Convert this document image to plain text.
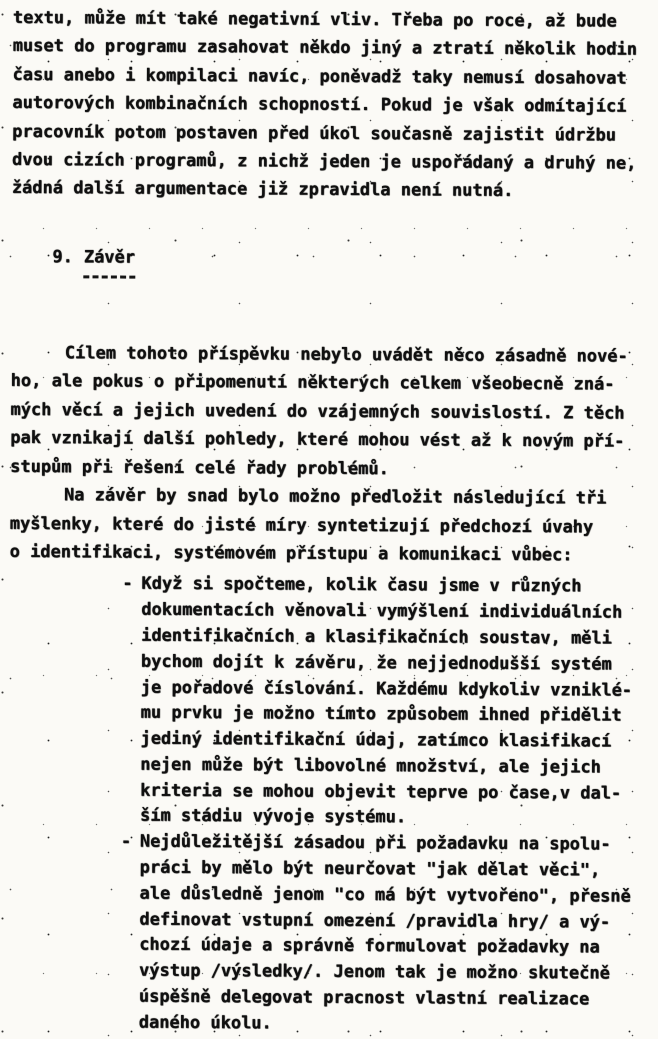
textu, může mít také negativní vliv. Třeba po roce, až bude
muset do programu zasahovat někdo jiný a ztratí několik hodin
času anebo i kompilaci navíc, poněvadž taky nemusí dosahovat
autorových kombinačních schopností. Pokud je však odmítající
pracovník potom postaven před úkol současně zajistit údržbu
dvou cizích programů, z nichž jeden je uspořádaný a druhý ne,
žádná další argumentace již zpravidla není nutná.

9. Závěr

Cílem tohoto příspěvku nebylo uvádět něco zásadně nové-
ho, ale pokus o připomenutí některých celkem všeobecně zná-
mých věcí a jejich uvedení do vzájemných souvislostí. Z těch
pak vznikají další pohledy, které mohou vést až k novým pří-
stupům při řešení celé řady problémů.
Na závěr by snad bylo možno předložit následující tři
myšlenky, které do jisté míry syntetizují předchozí úvahy
o identifikaci, systémovém přístupu a komunikaci vůbec:
- Když si spočteme, kolik času jsme v různých
dokumentacích věnovali vymýšlení individuálních
identifikačních a klasifikačních soustav, měli
bychom dojít k závěru, že nejjednodušší systém
je pořadové číslování. Každému kdykoliv vzniklé-
mu prvku je možno tímto způsobem ihned přidělit
jediný identifikační údaj, zatímco klasifikací
nejen může být libovolné množství, ale jejich
kriteria se mohou objevit teprve po čase,v dal-
ším stádiu vývoje systému.
- Nejdůležitější zásadou při požadavku na spolu-
práci by mělo být neurčovat "jak dělat věci",
ale důsledně jenom "co má být vytvořeno", přesně
definovat vstupní omezení /pravidla hry/ a vý-
chozí údaje a správně formulovat požadavky na
výstup /výsledky/. Jenom tak je možno skutečně
úspěšně delegovat pracnost vlastní realizace
daného úkolu.
